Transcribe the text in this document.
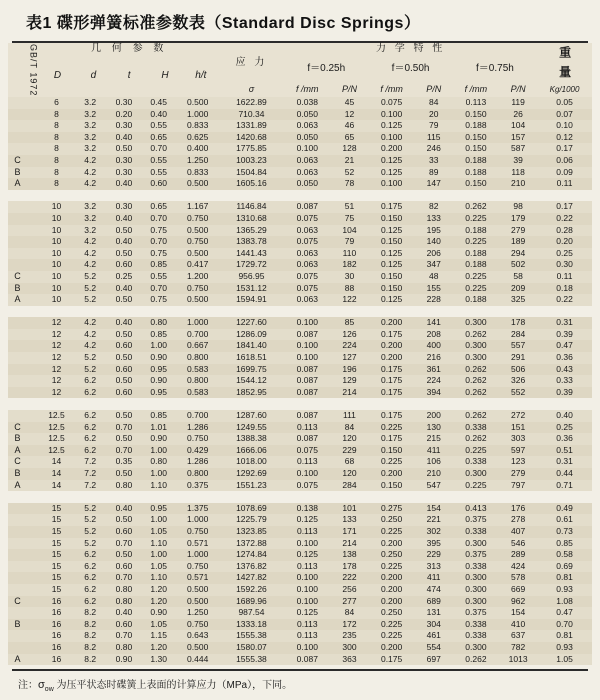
表1 碟形弹簧标准参数表（Standard Disc Springs）
	GB/T 1972	几 何 参 数	应 力	力 学 特 性	重 量

D	d	t	H	h/t
	f＝0.25h	f＝0.50h	f＝0.75h
σ	f /mm	P/N	f /mm	P/N	f /mm	P/N	Kg/1000
		6	3.2	0.30	0.45	0.500	1622.89	0.038	45	0.075	84	0.113	119	0.05
		8	3.2	0.20	0.40	1.000	710.34	0.050	12	0.100	20	0.150	26	0.07
		8	3.2	0.30	0.55	0.833	1331.89	0.063	46	0.125	79	0.188	104	0.10
		8	3.2	0.40	0.65	0.625	1420.68	0.050	65	0.100	115	0.150	157	0.12
		8	3.2	0.50	0.70	0.400	1775.85	0.100	128	0.200	246	0.150	587	0.17
C		8	4.2	0.30	0.55	1.250	1003.23	0.063	21	0.125	33	0.188	39	0.06
B		8	4.2	0.30	0.55	0.833	1504.84	0.063	52	0.125	89	0.188	118	0.09
A		8	4.2	0.40	0.60	0.500	1605.16	0.050	78	0.100	147	0.150	210	0.11

		10	3.2	0.30	0.65	1.167	1146.84	0.087	51	0.175	82	0.262	98	0.17
		10	3.2	0.40	0.70	0.750	1310.68	0.075	75	0.150	133	0.225	179	0.22
		10	3.2	0.50	0.75	0.500	1365.29	0.063	104	0.125	195	0.188	279	0.28
		10	4.2	0.40	0.70	0.750	1383.78	0.075	79	0.150	140	0.225	189	0.20
		10	4.2	0.50	0.75	0.500	1441.43	0.063	110	0.125	206	0.188	294	0.25
		10	4.2	0.60	0.85	0.417	1729.72	0.063	182	0.125	347	0.188	502	0.30
C		10	5.2	0.25	0.55	1.200	956.95	0.075	30	0.150	48	0.225	58	0.11
B		10	5.2	0.40	0.70	0.750	1531.12	0.075	88	0.150	155	0.225	209	0.18
A		10	5.2	0.50	0.75	0.500	1594.91	0.063	122	0.125	228	0.188	325	0.22

		12	4.2	0.40	0.80	1.000	1227.60	0.100	85	0.200	141	0.300	178	0.31
		12	4.2	0.50	0.85	0.700	1286.09	0.087	126	0.175	208	0.262	284	0.39
		12	4.2	0.60	1.00	0.667	1841.40	0.100	224	0.200	400	0.300	557	0.47
		12	5.2	0.50	0.90	0.800	1618.51	0.100	127	0.200	216	0.300	291	0.36
		12	5.2	0.60	0.95	0.583	1699.75	0.087	196	0.175	361	0.262	506	0.43
		12	6.2	0.50	0.90	0.800	1544.12	0.087	129	0.175	224	0.262	326	0.33
		12	6.2	0.60	0.95	0.583	1852.95	0.087	214	0.175	394	0.262	552	0.39

		12.5	6.2	0.50	0.85	0.700	1287.60	0.087	111	0.175	200	0.262	272	0.40
C		12.5	6.2	0.70	1.01	1.286	1249.55	0.113	84	0.225	130	0.338	151	0.25
B		12.5	6.2	0.50	0.90	0.750	1388.38	0.087	120	0.175	215	0.262	303	0.36
A		12.5	6.2	0.70	1.00	0.429	1666.06	0.075	229	0.150	411	0.225	597	0.51
C		14	7.2	0.35	0.80	1.286	1018.00	0.113	68	0.225	106	0.338	123	0.31
B		14	7.2	0.50	1.00	0.800	1292.69	0.100	120	0.200	210	0.300	279	0.44
A		14	7.2	0.80	1.10	0.375	1551.23	0.075	284	0.150	547	0.225	797	0.71

		15	5.2	0.40	0.95	1.375	1078.69	0.138	101	0.275	154	0.413	176	0.49
		15	5.2	0.50	1.00	1.000	1225.79	0.125	133	0.250	221	0.375	278	0.61
		15	5.2	0.60	1.05	0.750	1323.85	0.113	171	0.225	302	0.338	407	0.73
		15	5.2	0.70	1.10	0.571	1372.88	0.100	214	0.200	395	0.300	546	0.85
		15	6.2	0.50	1.00	1.000	1274.84	0.125	138	0.250	229	0.375	289	0.58
		15	6.2	0.60	1.05	0.750	1376.82	0.113	178	0.225	313	0.338	424	0.69
		15	6.2	0.70	1.10	0.571	1427.82	0.100	222	0.200	411	0.300	578	0.81
		15	6.2	0.80	1.20	0.500	1592.26	0.100	256	0.200	474	0.300	669	0.93
C		16	6.2	0.80	1.20	0.500	1689.96	0.100	277	0.200	689	0.300	962	1.08
		16	8.2	0.40	0.90	1.250	987.54	0.125	84	0.250	131	0.375	154	0.47
B		16	8.2	0.60	1.05	0.750	1333.18	0.113	172	0.225	304	0.338	410	0.70
		16	8.2	0.70	1.15	0.643	1555.38	0.113	235	0.225	461	0.338	637	0.81
		16	8.2	0.80	1.20	0.500	1580.07	0.100	300	0.200	554	0.300	782	0.93
A		16	8.2	0.90	1.30	0.444	1555.38	0.087	363	0.175	697	0.262	1013	1.05
注：$\sigma_{ow}$ 为压平状态时碟簧上表面的计算应力（MPa），下同。
